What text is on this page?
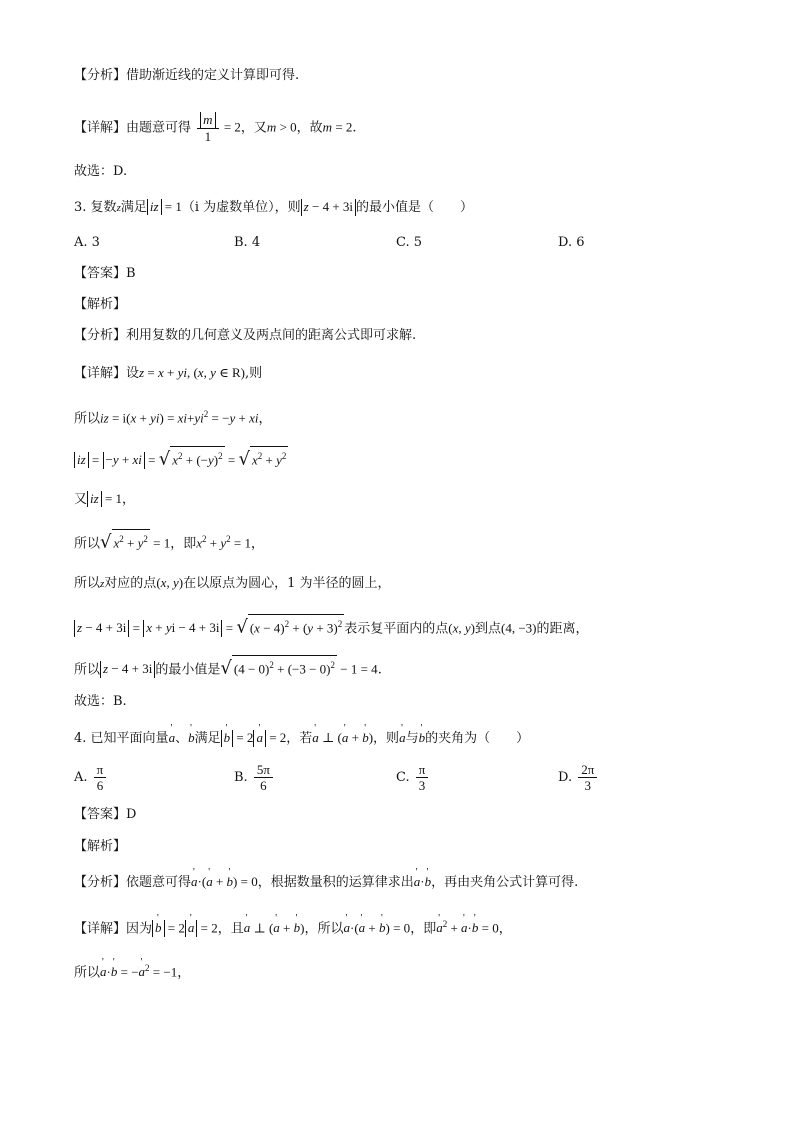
【分析】借助渐近线的定义计算即可得.
【详解】由题意可得 $\frac{m}{1} = 2$，又m > 0，故m = 2.
故选：D.
3. 复数z满足 iz = 1（i 为虚数单位），则 z − 4 + 3i 的最小值是（　　）
A. 3	B. 4	C. 5	D. 6
【答案】B
【解析】
【分析】利用复数的几何意义及两点间的距离公式即可求解.
【详解】设z = x + yi, (x, y ∈ R),则
所以iz = $i(x + yi) = xi+yi^2 = -y$ + xi，
iz = −y + xi = √ $x^2 + (-y)^2$ = √ $x^2 + y^2$
又 iz = 1，
所以√ $x^2 + y^2 = 1$，即$x^2 + y^2 = 1$，
所以z对应的点(x, y)在以原点为圆心，1 为半径的圆上，
z − 4 + 3i = x + yi − 4 + 3i = √ $(x - 4)^2 + (y + 3)^2$ 表示复平面内的点(x, y)到点(4, −3)的距离，
所以 z − 4 + 3i 的最小值是√ $(4 - 0)^2 + (-3 - 0)^2 - 1 = 4$.
故选：B.
4. 已知平面向量' a、' b满足 ' b = 2 ' a = 2，若' a ⊥ (' a + ' b)，则' a与' b的夹角为（　　）
A. $\frac{\pi}{6}$	B. $\frac{5\pi}{6}$	C. $\frac{\pi}{3}$	D. $\frac{2\pi}{3}$
【答案】D
【解析】
【分析】依题意可得' a·(' a + ' b) = 0，根据数量积的运算律求出' a·' b，再由夹角公式计算可得.
【详解】因为 ' b = 2 ' a = 2，且' a ⊥ (' a + ' b)，所以' a·(' a + ' b) = 0，即' $a^2$ + ' a·' b = 0，
所以' a·' b = −' $a^2 = -1$，
